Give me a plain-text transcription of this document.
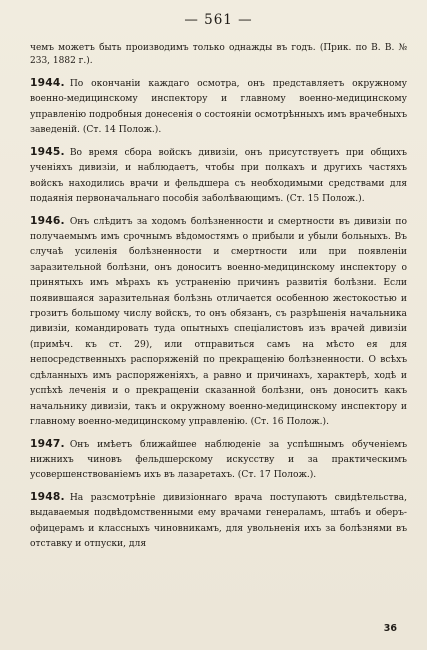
— 561 —

чемъ можетъ быть производимъ только однажды въ годъ. (Прик. по В. В. № 233, 1882 г.).

1944. По окончаніи каждаго осмотра, онъ представляетъ окружному военно-медицинскому инспектору и главному военно-медицинскому управленію подробныя донесенія о состояніи осмотрѣнныхъ имъ врачебныхъ заведеній. (Ст. 14 Полож.).

1945. Во время сбора войскъ дивизіи, онъ присутствуетъ при общихъ ученіяхъ дивизіи, и наблюдаетъ, чтобы при полкахъ и другихъ частяхъ войскъ находились врачи и фельдшера съ необходимыми средствами для подаянія первоначальнаго пособія заболѣвающимъ. (Ст. 15 Полож.).

1946. Онъ слѣдитъ за ходомъ болѣзненности и смертности въ дивизіи по получаемымъ имъ срочнымъ вѣдомостямъ о прибыли и убыли больныхъ. Въ случаѣ усиленія болѣзненности и смертности или при появленіи заразительной болѣзни, онъ доноситъ военно-медицинскому инспектору о принятыхъ имъ мѣрахъ къ устраненію причинъ развитія болѣзни. Если появившаяся заразительная болѣзнь отличается особенною жестокостью и грозитъ большому числу войскъ, то онъ обязанъ, съ разрѣшенія начальника дивизіи, командировать туда опытныхъ спеціалистовъ изъ врачей дивизіи (примѣч. къ ст. 29), или отправиться самъ на мѣсто ея для непосредственныхъ распоряженій по прекращенію болѣзненности. О всѣхъ сдѣланныхъ имъ распоряженіяхъ, а равно и причинахъ, характерѣ, ходѣ и успѣхѣ леченія и о прекращеніи сказанной болѣзни, онъ доноситъ какъ начальнику дивизіи, такъ и окружному военно-медицинскому инспектору и главному военно-медицинскому управленію. (Ст. 16 Полож.).

1947. Онъ имѣетъ ближайшее наблюденіе за успѣшнымъ обученіемъ нижнихъ чиновъ фельдшерскому искусству и за практическимъ усовершенствованіемъ ихъ въ лазаретахъ. (Ст. 17 Полож.).

1948. На разсмотрѣніе дивизіоннаго врача поступаютъ свидѣтельства, выдаваемыя подвѣдомственными ему врачами генераламъ, штабъ и оберъ-офицерамъ и классныхъ чиновникамъ, для увольненія ихъ за болѣзнями въ отставку и отпуски, для

36
